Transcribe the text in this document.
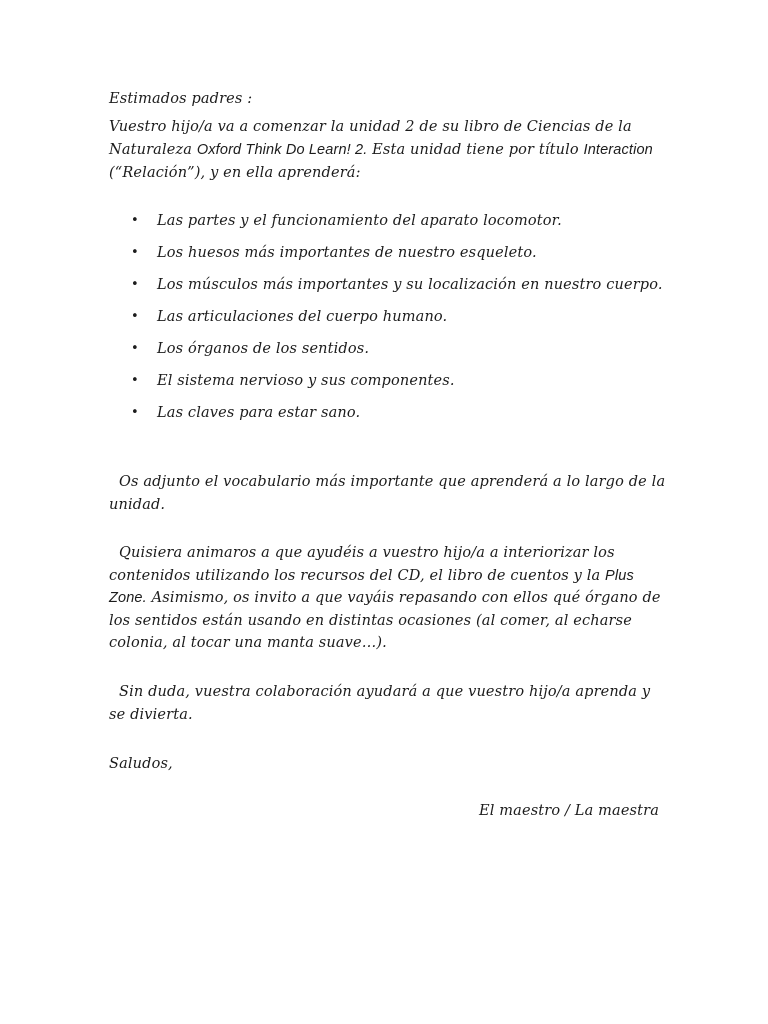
Estimados padres :

Vuestro hijo/a va a comenzar la unidad 2 de su libro de Ciencias de la Naturaleza Oxford Think Do Learn! 2. Esta unidad tiene por título Interaction (“Relación”), y en ella aprenderá:

• Las partes y el funcionamiento del aparato locomotor.
• Los huesos más importantes de nuestro esqueleto.
• Los músculos más importantes y su localización en nuestro cuerpo.
• Las articulaciones del cuerpo humano.
• Los órganos de los sentidos.
• El sistema nervioso y sus componentes.
• Las claves para estar sano.

Os adjunto el vocabulario más importante que aprenderá a lo largo de la unidad.

Quisiera animaros a que ayudéis a vuestro hijo/a a interiorizar los contenidos utilizando los recursos del CD, el libro de cuentos y la Plus Zone. Asimismo, os invito a que vayáis repasando con ellos qué órgano de los sentidos están usando en distintas ocasiones (al comer, al echarse colonia, al tocar una manta suave…).

Sin duda, vuestra colaboración ayudará a que vuestro hijo/a aprenda y se divierta.

Saludos,

El maestro / La maestra
